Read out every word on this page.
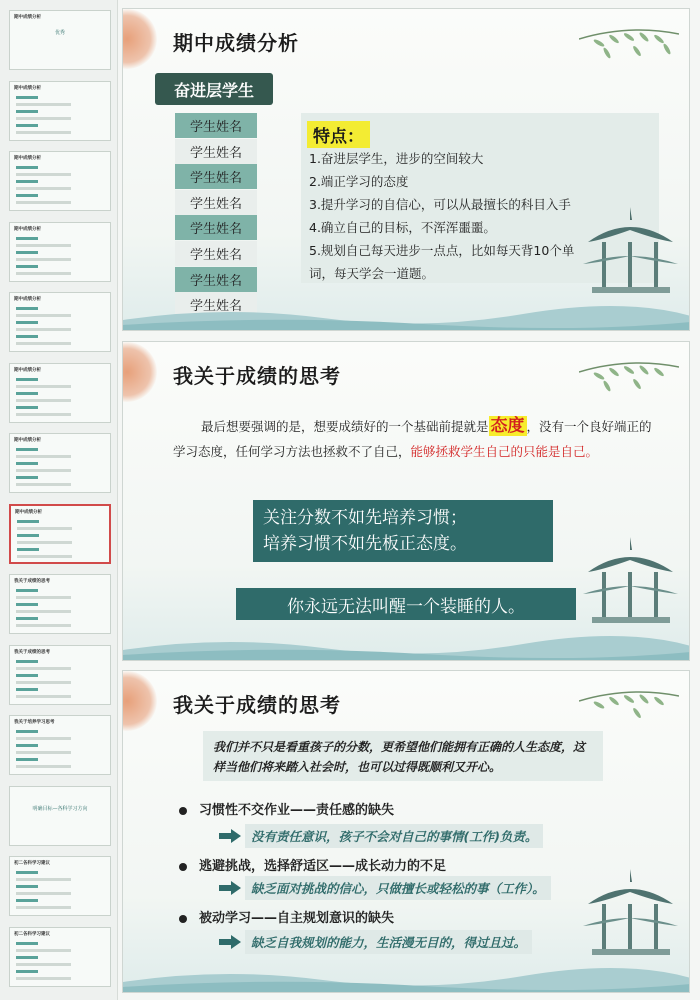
期中成绩分析
优秀
期中成绩分析
期中成绩分析
期中成绩分析
期中成绩分析
期中成绩分析
期中成绩分析
期中成绩分析
我关于成绩的思考
我关于成绩的思考
我关于培养学习思考
明确目标—各科学习方向
初二各科学习建议
初二各科学习建议
期中成绩分析
奋进层学生
学生姓名
学生姓名
学生姓名
学生姓名
学生姓名
学生姓名
学生姓名
学生姓名
特点：
1.奋进层学生，进步的空间较大
2.端正学习的态度
3.提升学习的自信心，可以从最擅长的科目入手
4.确立自己的目标，不浑浑噩噩。
5.规划自己每天进步一点点，比如每天背10个单
词，每天学会一道题。
我关于成绩的思考
最后想要强调的是，想要成绩好的一个基础前提就是 态度 ，没有一个良好端正的学习态度，任何学习方法也拯救不了自己，能够拯救学生自己的只能是自己。
关注分数不如先培养习惯；
培养习惯不如先板正态度。
你永远无法叫醒一个装睡的人。
我关于成绩的思考
我们并不只是看重孩子的分数，更希望他们能拥有正确的人生态度，这样当他们将来踏入社会时，也可以过得既顺利又开心。
习惯性不交作业——责任感的缺失
没有责任意识，孩子不会对自己的事情(工作)负责。
逃避挑战，选择舒适区——成长动力的不足
缺乏面对挑战的信心，只做擅长或轻松的事（工作）。
被动学习——自主规划意识的缺失
缺乏自我规划的能力，生活漫无目的，得过且过。
